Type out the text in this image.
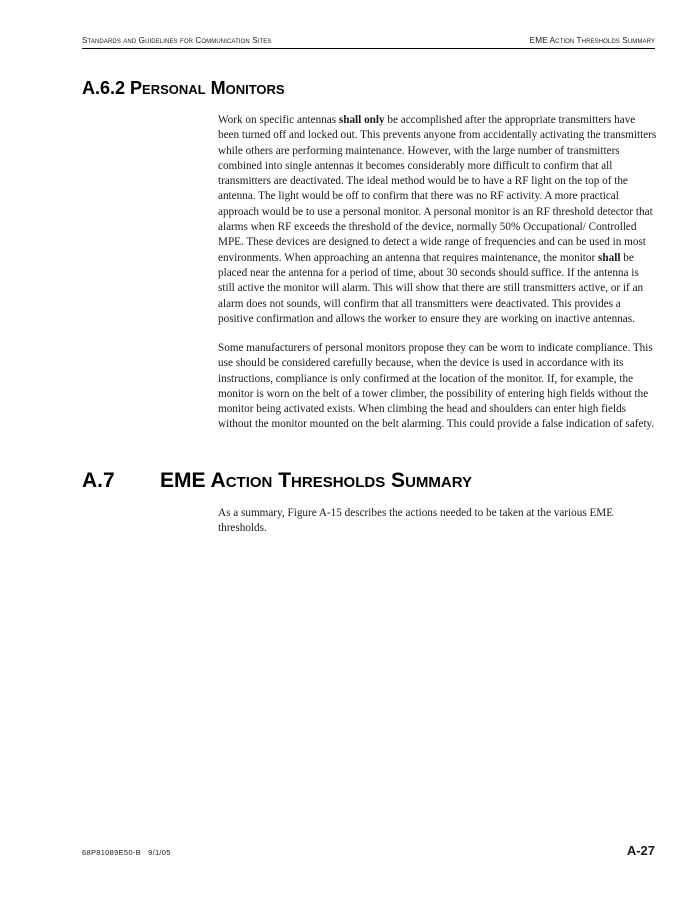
Standards and Guidelines for Communication Sites	EME Action Thresholds Summary
A.6.2 Personal Monitors

Work on specific antennas shall only be accomplished after the appropriate transmitters have been turned off and locked out. This prevents anyone from accidentally activating the transmitters while others are performing maintenance. However, with the large number of transmitters combined into single antennas it becomes considerably more difficult to confirm that all transmitters are deactivated. The ideal method would be to have a RF light on the top of the antenna. The light would be off to confirm that there was no RF activity. A more practical approach would be to use a personal monitor. A personal monitor is an RF threshold detector that alarms when RF exceeds the threshold of the device, normally 50% Occupational/ Controlled MPE. These devices are designed to detect a wide range of frequencies and can be used in most environments. When approaching an antenna that requires maintenance, the monitor shall be placed near the antenna for a period of time, about 30 seconds should suffice. If the antenna is still active the monitor will alarm. This will show that there are still transmitters active, or if an alarm does not sounds, will confirm that all transmitters were deactivated. This provides a positive confirmation and allows the worker to ensure they are working on inactive antennas.

Some manufacturers of personal monitors propose they can be worn to indicate compliance. This use should be considered carefully because, when the device is used in accordance with its instructions, compliance is only confirmed at the location of the monitor. If, for example, the monitor is worn on the belt of a tower climber, the possibility of entering high fields without the monitor being activated exists. When climbing the head and shoulders can enter high fields without the monitor mounted on the belt alarming. This could provide a false indication of safety.

A.7 EME Action Thresholds Summary

As a summary, Figure A-15 describes the actions needed to be taken at the various EME thresholds.

68P81089E50-B   9/1/05	A-27
